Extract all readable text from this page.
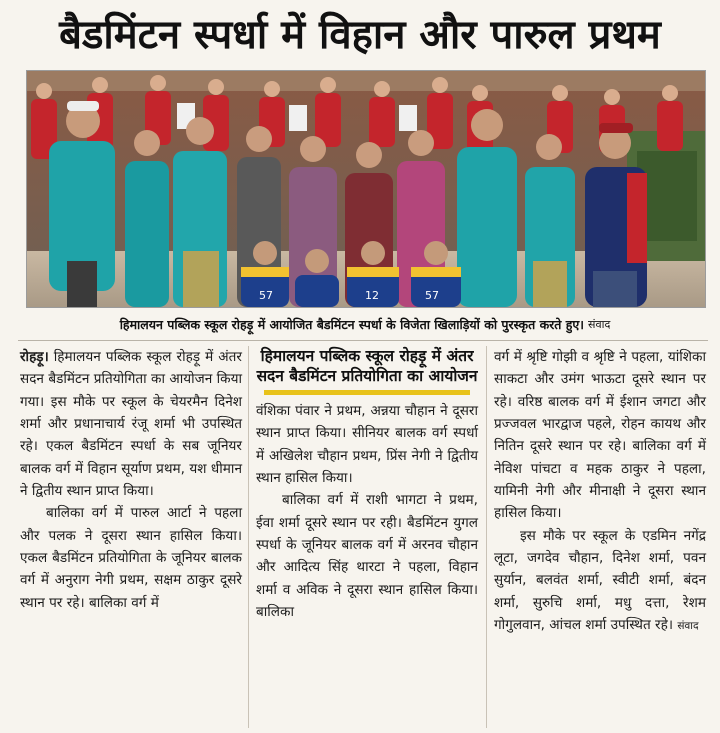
बैडमिंटन स्पर्धा में विहान और पारुल प्रथम
57	12	57
हिमालयन पब्लिक स्कूल रोहड़ू में आयोजित बैडमिंटन स्पर्धा के विजेता खिलाड़ियों को पुरस्कृत करते हुए। संवाद

रोहड़ू। हिमालयन पब्लिक स्कूल रोहड़ू में अंतर सदन बैडमिंटन प्रतियोगिता का आयोजन किया गया। इस मौके पर स्कूल के चेयरमैन दिनेश शर्मा और प्रधानाचार्य रंजू शर्मा भी उपस्थित रहे। एकल बैडमिंटन स्पर्धा के सब जूनियर बालक वर्ग में विहान सूर्याण प्रथम, यश धीमान ने द्वितीय स्थान प्राप्त किया।

बालिका वर्ग में पारुल आर्टा ने पहला और पलक ने दूसरा स्थान हासिल किया। एकल बैडमिंटन प्रतियोगिता के जूनियर बालक वर्ग में अनुराग नेगी प्रथम, सक्षम ठाकुर दूसरे स्थान पर रहे। बालिका वर्ग में

हिमालयन पब्लिक स्कूल रोहड़ू में अंतर सदन बैडमिंटन प्रतियोगिता का आयोजन

वंशिका पंवार ने प्रथम, अन्नया चौहान ने दूसरा स्थान प्राप्त किया। सीनियर बालक वर्ग स्पर्धा में अखिलेश चौहान प्रथम, प्रिंस नेगी ने द्वितीय स्थान हासिल किया।

बालिका वर्ग में राशी भागटा ने प्रथम, ईवा शर्मा दूसरे स्थान पर रही। बैडमिंटन युगल स्पर्धा के जूनियर बालक वर्ग में अरनव चौहान और आदित्य सिंह थारटा ने पहला, विहान शर्मा व अविक ने दूसरा स्थान हासिल किया। बालिका

वर्ग में श्रृष्टि गोझी व श्रृष्टि ने पहला, यांशिका साकटा और उमंग भाऊटा दूसरे स्थान पर रहे। वरिष्ठ बालक वर्ग में ईशान जगटा और प्रज्जवल भारद्वाज पहले, रोहन कायथ और नितिन दूसरे स्थान पर रहे। बालिका वर्ग में नेविश पांचटा व महक ठाकुर ने पहला, यामिनी नेगी और मीनाक्षी ने दूसरा स्थान हासिल किया।

इस मौके पर स्कूल के एडमिन नगेंद्र लूटा, जगदेव चौहान, दिनेश शर्मा, पवन सुर्यान, बलवंत शर्मा, स्वीटी शर्मा, बंदन शर्मा, सुरुचि शर्मा, मधु दत्ता, रेशम गोगुलवान, आंचल शर्मा उपस्थित रहे। संवाद
